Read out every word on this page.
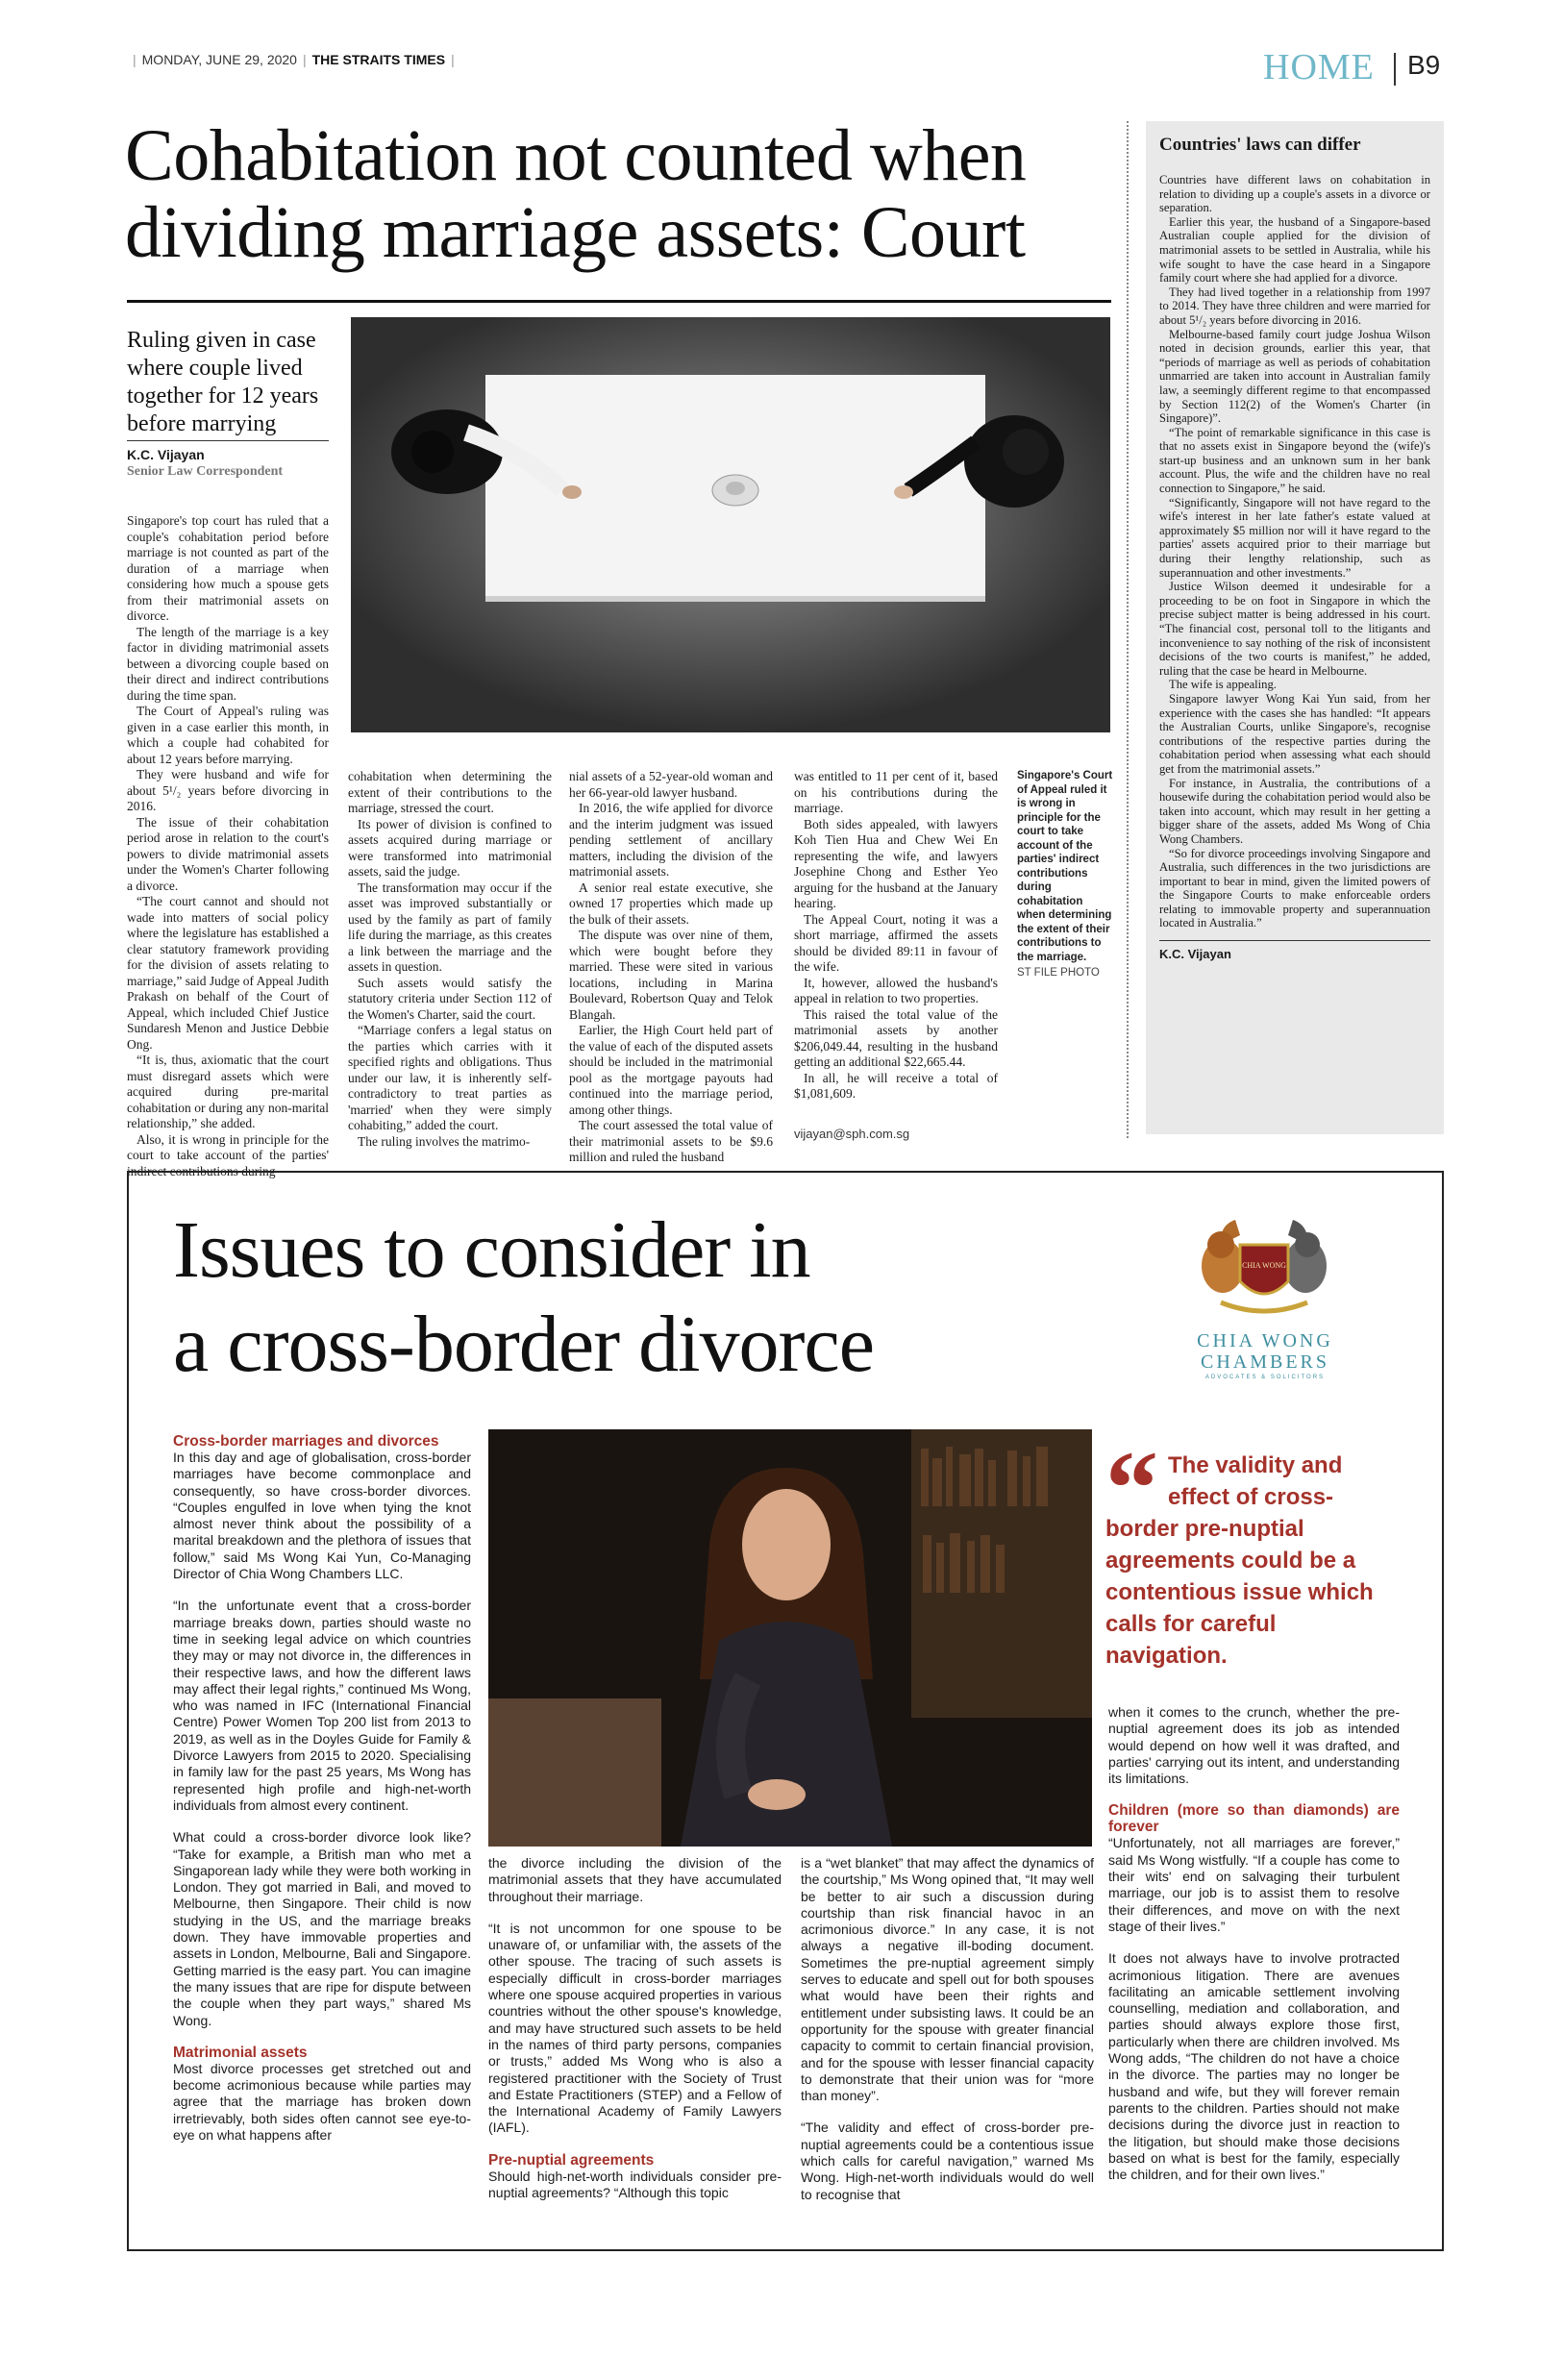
| MONDAY, JUNE 29, 2020 | THE STRAITS TIMES |	HOME B9
Cohabitation not counted when dividing marriage assets: Court
Ruling given in case where couple lived together for 12 years before marrying
K.C. Vijayan
Senior Law Correspondent

Singapore's top court has ruled that a couple's cohabitation period before marriage is not counted as part of the duration of a marriage when considering how much a spouse gets from their matrimonial assets on divorce.

The length of the marriage is a key factor in dividing matrimonial assets between a divorcing couple based on their direct and indirect contributions during the time span.

The Court of Appeal's ruling was given in a case earlier this month, in which a couple had cohabited for about 12 years before marrying.

They were husband and wife for about 5¹/₂ years before divorcing in 2016.

The issue of their cohabitation period arose in relation to the court's powers to divide matrimonial assets under the Women's Charter following a divorce.

“The court cannot and should not wade into matters of social policy where the legislature has established a clear statutory framework providing for the division of assets relating to marriage,” said Judge of Appeal Judith Prakash on behalf of the Court of Appeal, which included Chief Justice Sundaresh Menon and Justice Debbie Ong.

“It is, thus, axiomatic that the court must disregard assets which were acquired during pre-marital cohabitation or during any non-marital relationship,” she added.

Also, it is wrong in principle for the court to take account of the parties' indirect contributions during

cohabitation when determining the extent of their contributions to the marriage, stressed the court.

Its power of division is confined to assets acquired during marriage or were transformed into matrimonial assets, said the judge.

The transformation may occur if the asset was improved substantially or used by the family as part of family life during the marriage, as this creates a link between the marriage and the assets in question.

Such assets would satisfy the statutory criteria under Section 112 of the Women's Charter, said the court.

“Marriage confers a legal status on the parties which carries with it specified rights and obligations. Thus under our law, it is inherently self-contradictory to treat parties as 'married' when they were simply cohabiting,” added the court.

The ruling involves the matrimo-

nial assets of a 52-year-old woman and her 66-year-old lawyer husband.

In 2016, the wife applied for divorce and the interim judgment was issued pending settlement of ancillary matters, including the division of the matrimonial assets.

A senior real estate executive, she owned 17 properties which made up the bulk of their assets.

The dispute was over nine of them, which were bought before they married. These were sited in various locations, including in Marina Boulevard, Robertson Quay and Telok Blangah.

Earlier, the High Court held part of the value of each of the disputed assets should be included in the matrimonial pool as the mortgage payouts had continued into the marriage period, among other things.

The court assessed the total value of their matrimonial assets to be $9.6 million and ruled the husband

was entitled to 11 per cent of it, based on his contributions during the marriage.

Both sides appealed, with lawyers Koh Tien Hua and Chew Wei En representing the wife, and lawyers Josephine Chong and Esther Yeo arguing for the husband at the January hearing.

The Appeal Court, noting it was a short marriage, affirmed the assets should be divided 89:11 in favour of the wife.

It, however, allowed the husband's appeal in relation to two properties.

This raised the total value of the matrimonial assets by another $206,049.44, resulting in the husband getting an additional $22,665.44.

In all, he will receive a total of $1,081,609.

vijayan@sph.com.sg
Singapore's Court of Appeal ruled it is wrong in principle for the court to take account of the parties' indirect contributions during cohabitation when determining the extent of their contributions to the marriage.
ST FILE PHOTO
Countries' laws can differ

Countries have different laws on cohabitation in relation to dividing up a couple's assets in a divorce or separation.

Earlier this year, the husband of a Singapore-based Australian couple applied for the division of matrimonial assets to be settled in Australia, while his wife sought to have the case heard in a Singapore family court where she had applied for a divorce.

They had lived together in a relationship from 1997 to 2014. They have three children and were married for about 5¹/₂ years before divorcing in 2016.

Melbourne-based family court judge Joshua Wilson noted in decision grounds, earlier this year, that “periods of marriage as well as periods of cohabitation unmarried are taken into account in Australian family law, a seemingly different regime to that encompassed by Section 112(2) of the Women's Charter (in Singapore)”.

“The point of remarkable significance in this case is that no assets exist in Singapore beyond the (wife)'s start-up business and an unknown sum in her bank account. Plus, the wife and the children have no real connection to Singapore,” he said.

“Significantly, Singapore will not have regard to the wife's interest in her late father's estate valued at approximately $5 million nor will it have regard to the parties' assets acquired prior to their marriage but during their lengthy relationship, such as superannuation and other investments.”

Justice Wilson deemed it undesirable for a proceeding to be on foot in Singapore in which the precise subject matter is being addressed in his court. “The financial cost, personal toll to the litigants and inconvenience to say nothing of the risk of inconsistent decisions of the two courts is manifest,” he added, ruling that the case be heard in Melbourne.

The wife is appealing.

Singapore lawyer Wong Kai Yun said, from her experience with the cases she has handled: “It appears the Australian Courts, unlike Singapore's, recognise contributions of the respective parties during the cohabitation period when assessing what each should get from the matrimonial assets.”

For instance, in Australia, the contributions of a housewife during the cohabitation period would also be taken into account, which may result in her getting a bigger share of the assets, added Ms Wong of Chia Wong Chambers.

“So for divorce proceedings involving Singapore and Australia, such differences in the two jurisdictions are important to bear in mind, given the limited powers of the Singapore Courts to make enforceable orders relating to immovable property and superannuation located in Australia.”

K.C. Vijayan
Issues to consider in
a cross-border divorce
CHIA WONG
CHIA WONG
CHAMBERS
ADVOCATES & SOLICITORS
Cross-border marriages and divorces

In this day and age of globalisation, cross-border marriages have become commonplace and consequently, so have cross-border divorces. “Couples engulfed in love when tying the knot almost never think about the possibility of a marital breakdown and the plethora of issues that follow,” said Ms Wong Kai Yun, Co-Managing Director of Chia Wong Chambers LLC.

“In the unfortunate event that a cross-border marriage breaks down, parties should waste no time in seeking legal advice on which countries they may or may not divorce in, the differences in their respective laws, and how the different laws may affect their legal rights,” continued Ms Wong, who was named in IFC (International Financial Centre) Power Women Top 200 list from 2013 to 2019, as well as in the Doyles Guide for Family & Divorce Lawyers from 2015 to 2020. Specialising in family law for the past 25 years, Ms Wong has represented high profile and high-net-worth individuals from almost every continent.

What could a cross-border divorce look like? “Take for example, a British man who met a Singaporean lady while they were both working in London. They got married in Bali, and moved to Melbourne, then Singapore. Their child is now studying in the US, and the marriage breaks down. They have immovable properties and assets in London, Melbourne, Bali and Singapore. Getting married is the easy part. You can imagine the many issues that are ripe for dispute between the couple when they part ways,” shared Ms Wong.

Matrimonial assets

Most divorce processes get stretched out and become acrimonious because while parties may agree that the marriage has broken down irretrievably, both sides often cannot see eye-to-eye on what happens after

“ The validity and effect of cross-border pre-nuptial agreements could be a contentious issue which calls for careful navigation.

the divorce including the division of the matrimonial assets that they have accumulated throughout their marriage.

“It is not uncommon for one spouse to be unaware of, or unfamiliar with, the assets of the other spouse. The tracing of such assets is especially difficult in cross-border marriages where one spouse acquired properties in various countries without the other spouse's knowledge, and may have structured such assets to be held in the names of third party persons, companies or trusts,” added Ms Wong who is also a registered practitioner with the Society of Trust and Estate Practitioners (STEP) and a Fellow of the International Academy of Family Lawyers (IAFL).

Pre-nuptial agreements

Should high-net-worth individuals consider pre-nuptial agreements? “Although this topic

is a “wet blanket” that may affect the dynamics of the courtship,” Ms Wong opined that, “It may well be better to air such a discussion during courtship than risk financial havoc in an acrimonious divorce.” In any case, it is not always a negative ill-boding document. Sometimes the pre-nuptial agreement simply serves to educate and spell out for both spouses what would have been their rights and entitlement under subsisting laws. It could be an opportunity for the spouse with greater financial capacity to commit to certain financial provision, and for the spouse with lesser financial capacity to demonstrate that their union was for “more than money”.

“The validity and effect of cross-border pre-nuptial agreements could be a contentious issue which calls for careful navigation,” warned Ms Wong. High-net-worth individuals would do well to recognise that

when it comes to the crunch, whether the pre-nuptial agreement does its job as intended would depend on how well it was drafted, and parties' carrying out its intent, and understanding its limitations.

Children (more so than diamonds) are forever

“Unfortunately, not all marriages are forever,” said Ms Wong wistfully. “If a couple has come to their wits' end on salvaging their turbulent marriage, our job is to assist them to resolve their differences, and move on with the next stage of their lives.”

It does not always have to involve protracted acrimonious litigation. There are avenues facilitating an amicable settlement involving counselling, mediation and collaboration, and parties should always explore those first, particularly when there are children involved. Ms Wong adds, “The children do not have a choice in the divorce. The parties may no longer be husband and wife, but they will forever remain parents to the children. Parties should not make decisions during the divorce just in reaction to the litigation, but should make those decisions based on what is best for the family, especially the children, and for their own lives.”
